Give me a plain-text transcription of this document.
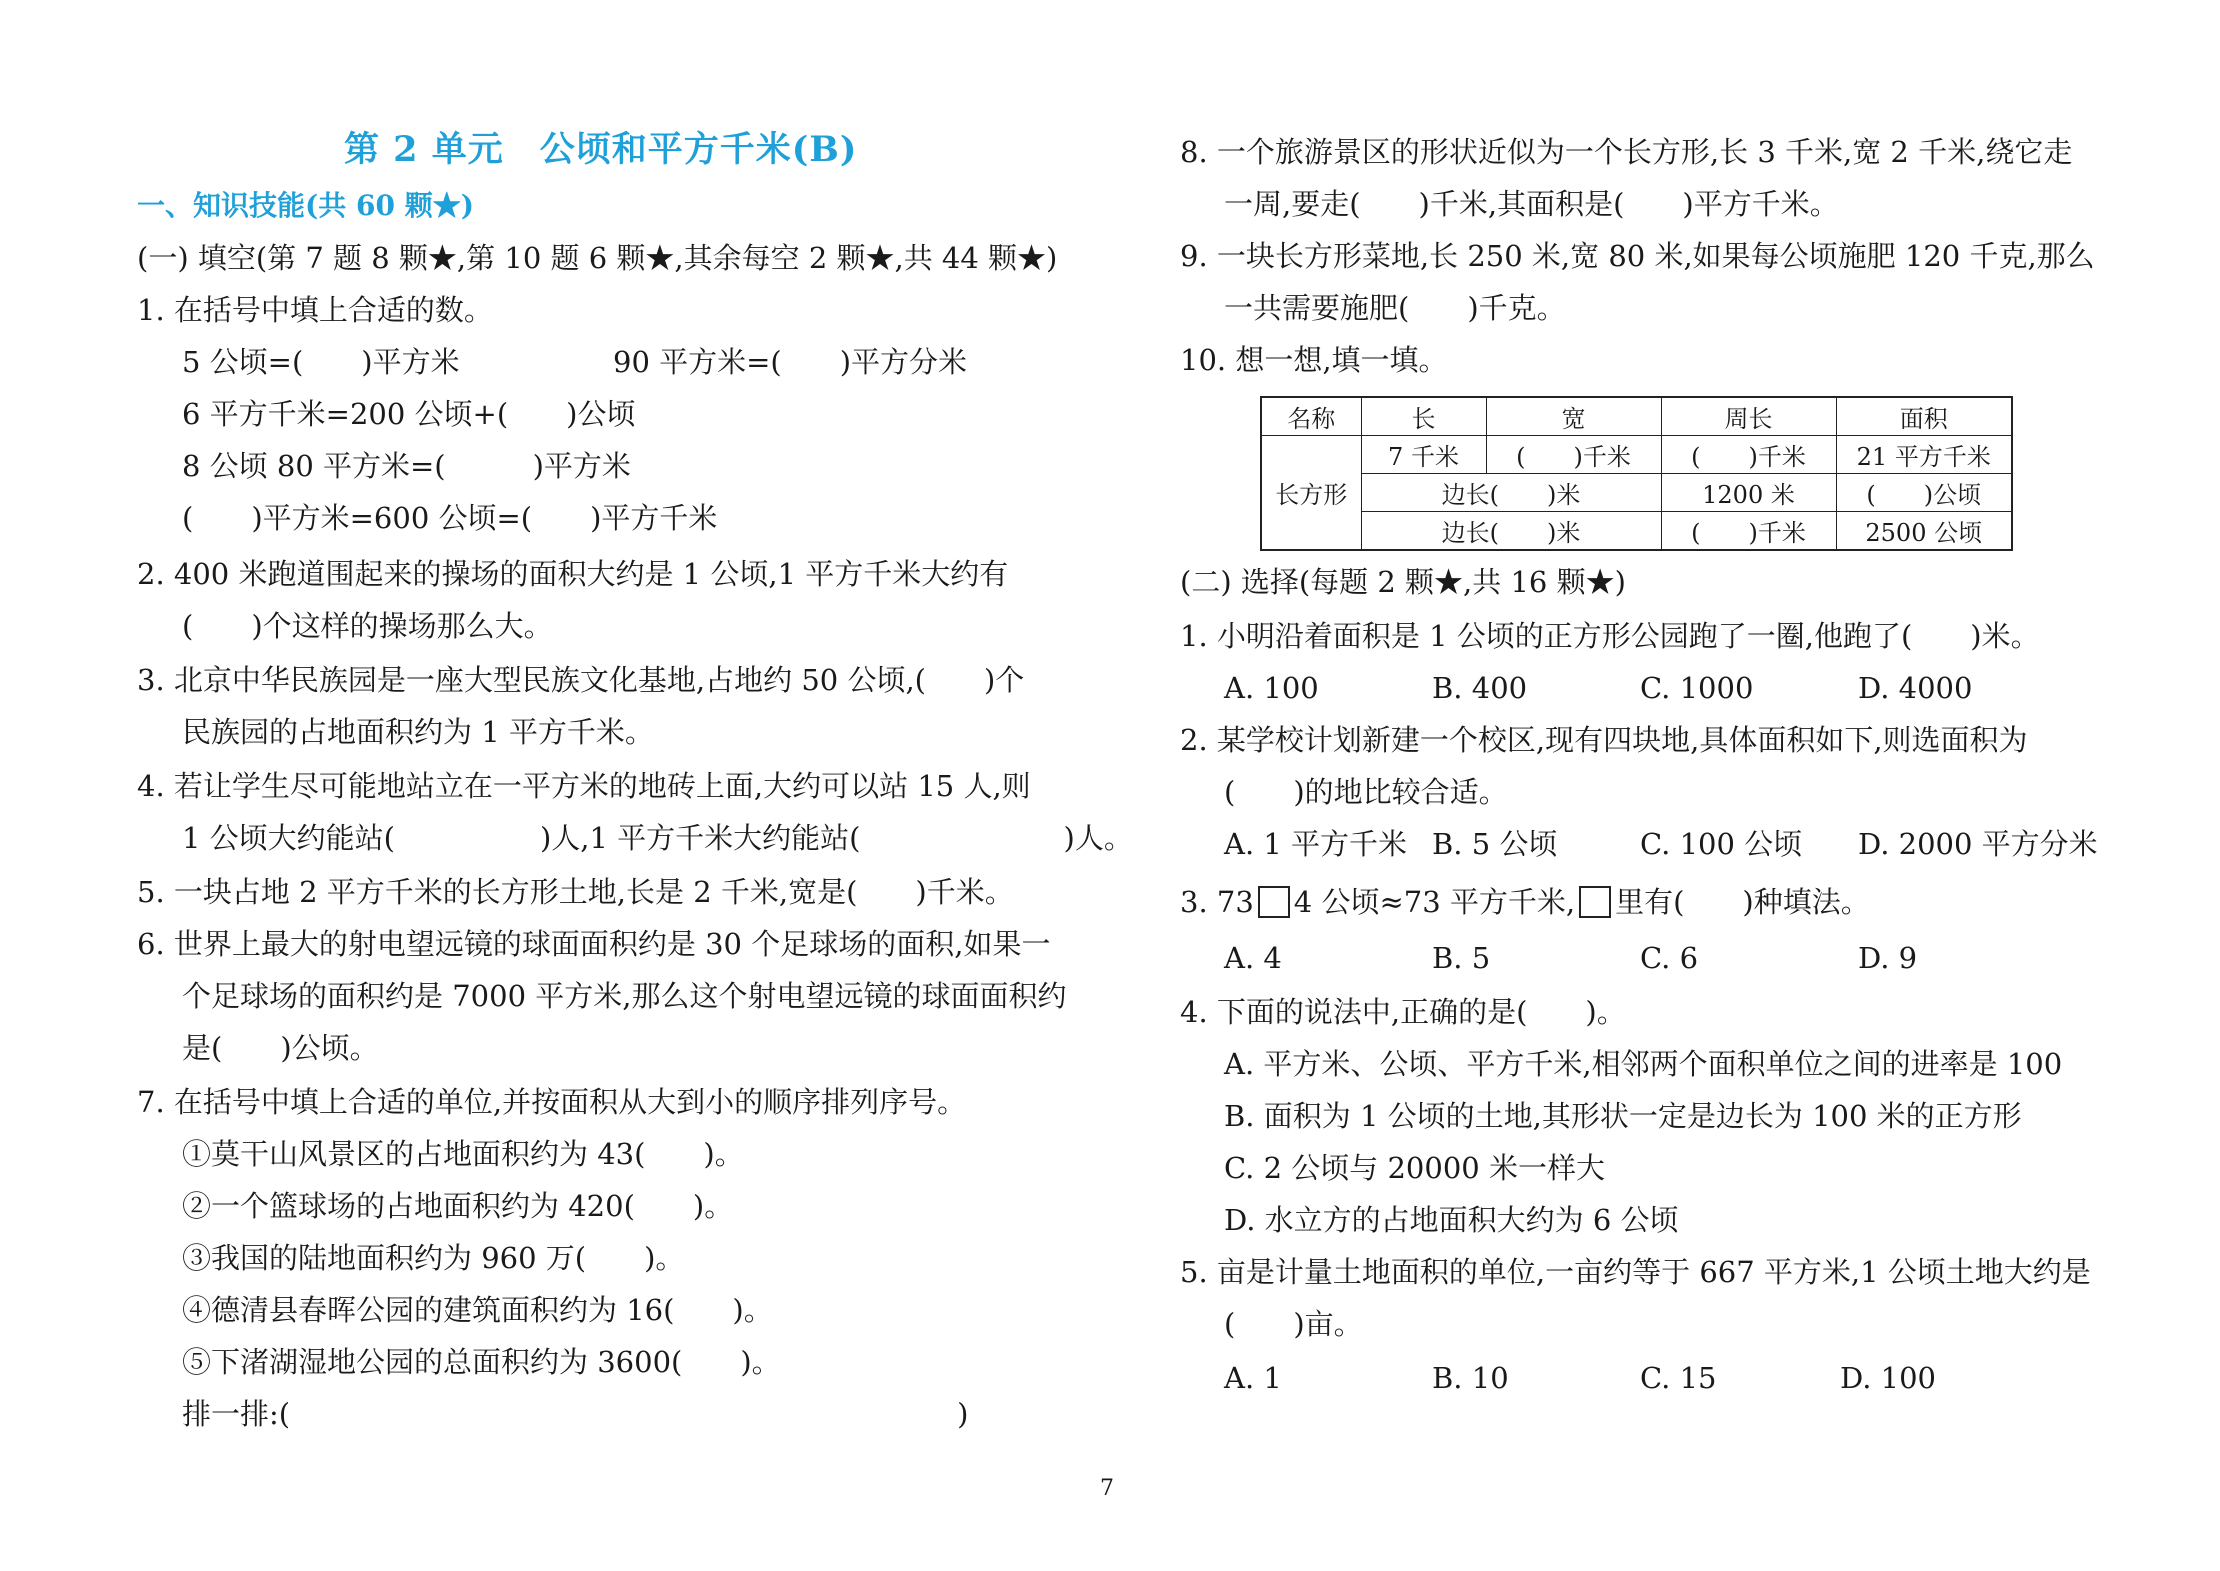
第 2 单元　公顷和平方千米(B)
一、知识技能(共 60 颗★)
(一) 填空(第 7 题 8 颗★,第 10 题 6 颗★,其余每空 2 颗★,共 44 颗★)
1. 在括号中填上合适的数。
5 公顷=(　　)平方米	90 平方米=(　　)平方分米
6 平方千米=200 公顷+(　　)公顷
8 公顷 80 平方米=(　　　)平方米
(　　)平方米=600 公顷=(　　)平方千米
2. 400 米跑道围起来的操场的面积大约是 1 公顷,1 平方千米大约有
(　　)个这样的操场那么大。
3. 北京中华民族园是一座大型民族文化基地,占地约 50 公顷,(　　)个
民族园的占地面积约为 1 平方千米。
4. 若让学生尽可能地站立在一平方米的地砖上面,大约可以站 15 人,则
1 公顷大约能站(　　　　　)人,1 平方千米大约能站(　　　　　　　)人。
5. 一块占地 2 平方千米的长方形土地,长是 2 千米,宽是(　　)千米。
6. 世界上最大的射电望远镜的球面面积约是 30 个足球场的面积,如果一
个足球场的面积约是 7000 平方米,那么这个射电望远镜的球面面积约
是(　　)公顷。
7. 在括号中填上合适的单位,并按面积从大到小的顺序排列序号。
①莫干山风景区的占地面积约为 43(　　)。
②一个篮球场的占地面积约为 420(　　)。
③我国的陆地面积约为 960 万(　　)。
④德清县春晖公园的建筑面积约为 16(　　)。
⑤下渚湖湿地公园的总面积约为 3600(　　)。
排一排:(　　　　　　　　　　　　　　　　　　　　　　　)
8. 一个旅游景区的形状近似为一个长方形,长 3 千米,宽 2 千米,绕它走
一周,要走(　　)千米,其面积是(　　)平方千米。
9. 一块长方形菜地,长 250 米,宽 80 米,如果每公顷施肥 120 千克,那么
一共需要施肥(　　)千克。
10. 想一想,填一填。
名称	长	宽	周长	面积
长方形	7 千米	(　　)千米	(　　)千米	21 平方千米
	边长(　　)米		1200 米	(　　)公顷
	边长(　　)米		(　　)千米	2500 公顷
(二) 选择(每题 2 颗★,共 16 颗★)
1. 小明沿着面积是 1 公顷的正方形公园跑了一圈,他跑了(　　)米。
A. 100	B. 400	C. 1000	D. 4000
2. 某学校计划新建一个校区,现有四块地,具体面积如下,则选面积为
(　　)的地比较合适。
A. 1 平方千米 B. 5 公顷	C. 100 公顷 D. 2000 平方分米
3. 73 4 公顷≈73 平方千米, 里有(　　)种填法。
A. 4	B. 5	C. 6	D. 9
4. 下面的说法中,正确的是(　　)。
A. 平方米、公顷、平方千米,相邻两个面积单位之间的进率是 100
B. 面积为 1 公顷的土地,其形状一定是边长为 100 米的正方形
C. 2 公顷与 20000 米一样大
D. 水立方的占地面积大约为 6 公顷
5. 亩是计量土地面积的单位,一亩约等于 667 平方米,1 公顷土地大约是
(　　)亩。
A. 1	B. 10	C. 15	D. 100
7
